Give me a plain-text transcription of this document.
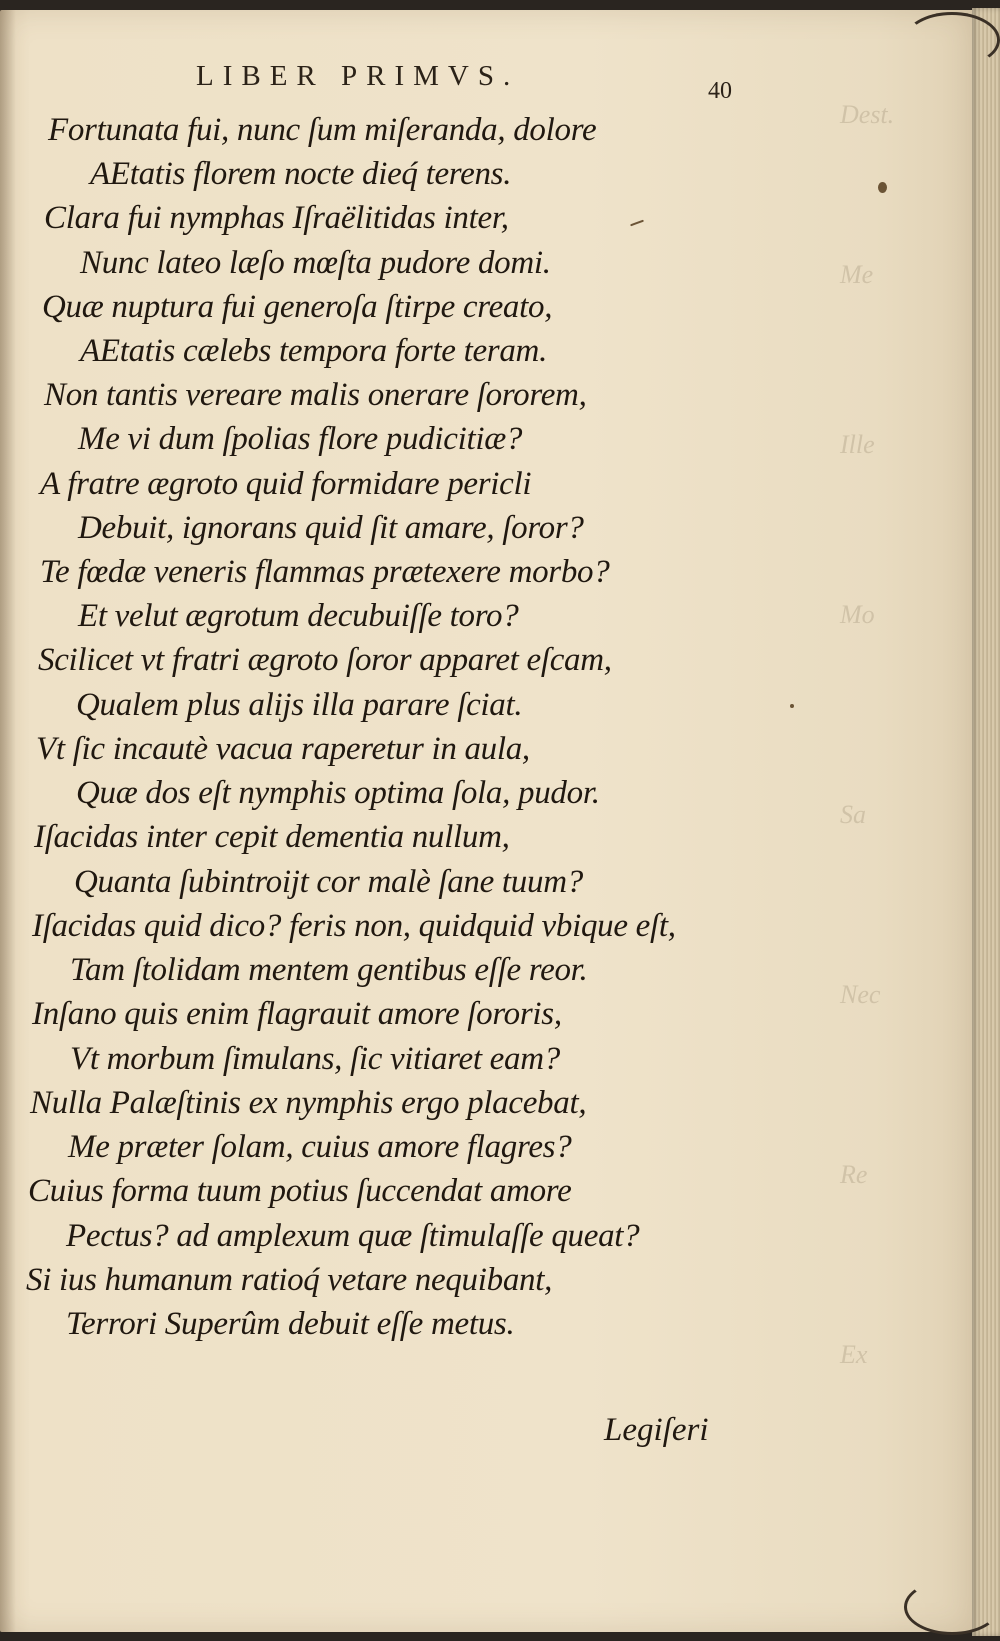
Dest.
Me
Ille
Mo
Sa
Nec
Re
Ex
LIBER PRIMVS.	40
Fortunata fui, nunc ſum miſeranda, dolore
AEtatis florem nocte dieq́ terens.
Clara fui nymphas Iſraëlitidas inter,
Nunc lateo læſo mœſta pudore domi.
Quæ nuptura fui generoſa ſtirpe creato,
AEtatis cælebs tempora forte teram.
Non tantis vereare malis onerare ſororem,
Me vi dum ſpolias flore pudicitiæ?
A fratre ægroto quid formidare pericli
Debuit, ignorans quid ſit amare, ſoror?
Te fœdæ veneris flammas prætexere morbo?
Et velut ægrotum decubuiſſe toro?
Scilicet vt fratri ægroto ſoror apparet eſcam,
Qualem plus alijs illa parare ſciat.
Vt ſic incautè vacua raperetur in aula,
Quæ dos eſt nymphis optima ſola, pudor.
Iſacidas inter cepit dementia nullum,
Quanta ſubintroijt cor malè ſane tuum?
Iſacidas quid dico? feris non, quidquid vbique eſt,
Tam ſtolidam mentem gentibus eſſe reor.
Inſano quis enim flagrauit amore ſororis,
Vt morbum ſimulans, ſic vitiaret eam?
Nulla Palæſtinis ex nymphis ergo placebat,
Me præter ſolam, cuius amore flagres?
Cuius forma tuum potius ſuccendat amore
Pectus? ad amplexum quæ ſtimulaſſe queat?
Si ius humanum ratioq́ vetare nequibant,
Terrori Superûm debuit eſſe metus.
Legiſeri
